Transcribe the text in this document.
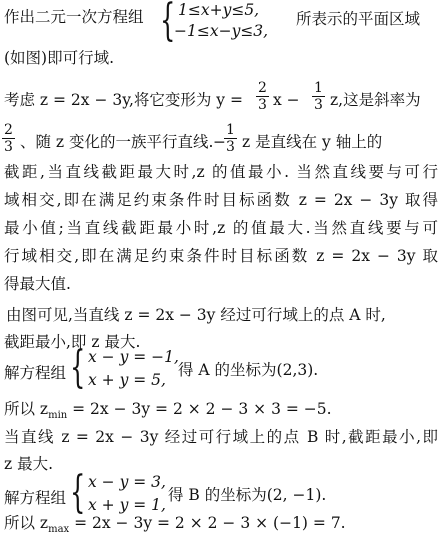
作出二元一次方程组 { 1≤x+y≤5,
−1≤x−y≤3,
所表示的平面区域
(如图)即可行域.
考虑 z = 2x − 3y,将它变形为 $y = \frac{2}{3}$ $x - \frac{1}{3} z$,这是斜率为
$\frac{2}{3}$ 、随 z 变化的一族平行直线. −
$\frac{1}{3}$ z 是直线在 y 轴上的
截距,当直线截距最大时,z 的值最小. 当然直线要与可行
域相交,即在满足约束条件时目标函数 z = 2x − 3y 取得
最小值;当直线截距最小时,z 的值最大.当然直线要与可
行域相交,即在满足约束条件时目标函数 z = 2x − 3y 取
得最大值.
由图可见,当直线 z = 2x − 3y 经过可行域上的点 A 时,
截距最小,即 z 最大.
解方程组 { x − y = −1,
x + y = 5,
得 A 的坐标为(2,3).
所以 $z_{min} = 2x - 3y = 2 \times 2 - 3 \times 3 = -5$.
当直线 z = 2x − 3y 经过可行域上的点 B 时,截距最小,即
z 最大.
解方程组 { x − y = 3,
x + y = 1,
得 B 的坐标为(2, −1).
所以 $z_{max} = 2x - 3y = 2 \times 2 - 3 \times (-1) = 7$.
